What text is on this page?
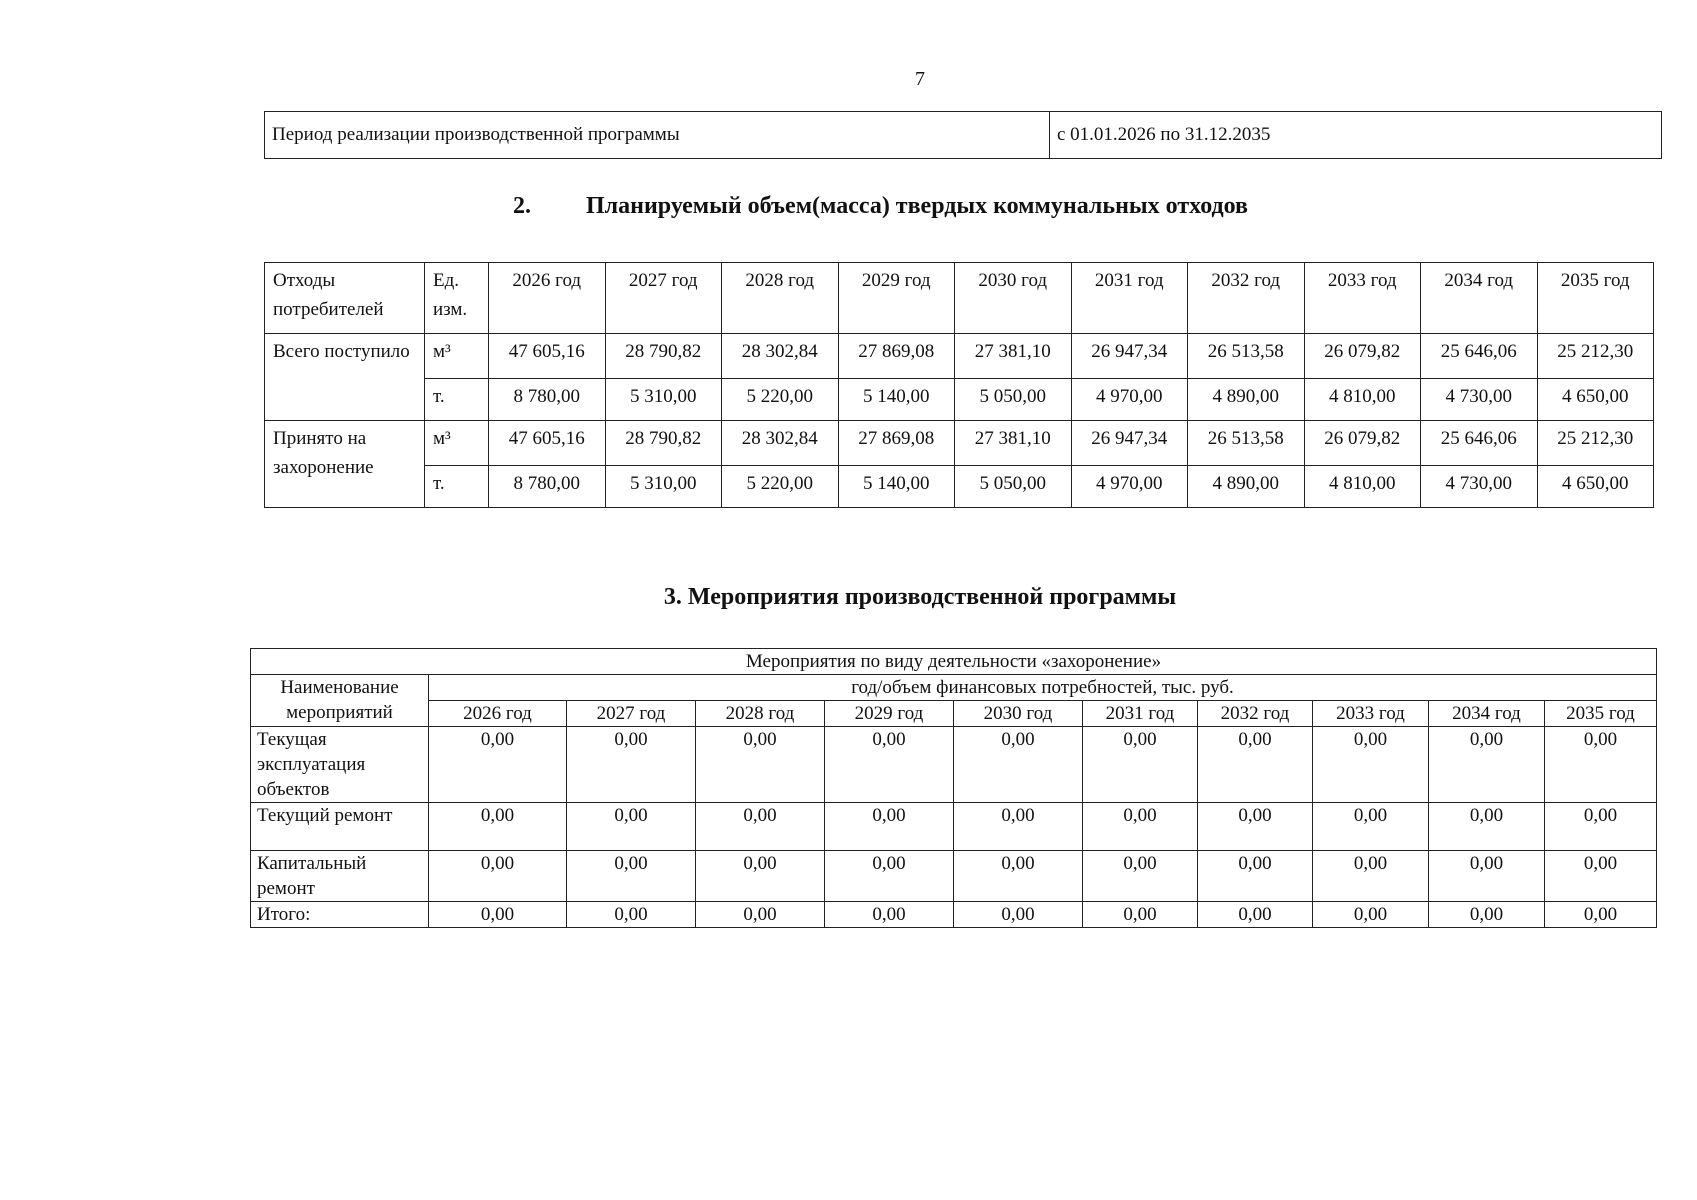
7
Период реализации производственной программы	с 01.01.2026 по 31.12.2035
2. Планируемый объем(масса) твердых коммунальных отходов
Отходы потребителей	Ед. изм.	2026 год	2027 год	2028 год	2029 год	2030 год	2031 год	2032 год	2033 год	2034 год	2035 год
Всего поступило	м³	47 605,16	28 790,82	28 302,84	27 869,08	27 381,10	26 947,34	26 513,58	26 079,82	25 646,06	25 212,30
	т.	8 780,00	5 310,00	5 220,00	5 140,00	5 050,00	4 970,00	4 890,00	4 810,00	4 730,00	4 650,00
Принято на захоронение	м³	47 605,16	28 790,82	28 302,84	27 869,08	27 381,10	26 947,34	26 513,58	26 079,82	25 646,06	25 212,30
	т.	8 780,00	5 310,00	5 220,00	5 140,00	5 050,00	4 970,00	4 890,00	4 810,00	4 730,00	4 650,00
3. Мероприятия производственной программы
Мероприятия по виду деятельности «захоронение»										
Наименование мероприятий	год/объем финансовых потребностей, тыс. руб.									
	2026 год	2027 год	2028 год	2029 год	2030 год	2031 год	2032 год	2033 год	2034 год	2035 год
Текущая эксплуатация объектов	0,00	0,00	0,00	0,00	0,00	0,00	0,00	0,00	0,00	0,00
Текущий ремонт	0,00	0,00	0,00	0,00	0,00	0,00	0,00	0,00	0,00	0,00
Капитальный ремонт	0,00	0,00	0,00	0,00	0,00	0,00	0,00	0,00	0,00	0,00
Итого:	0,00	0,00	0,00	0,00	0,00	0,00	0,00	0,00	0,00	0,00
